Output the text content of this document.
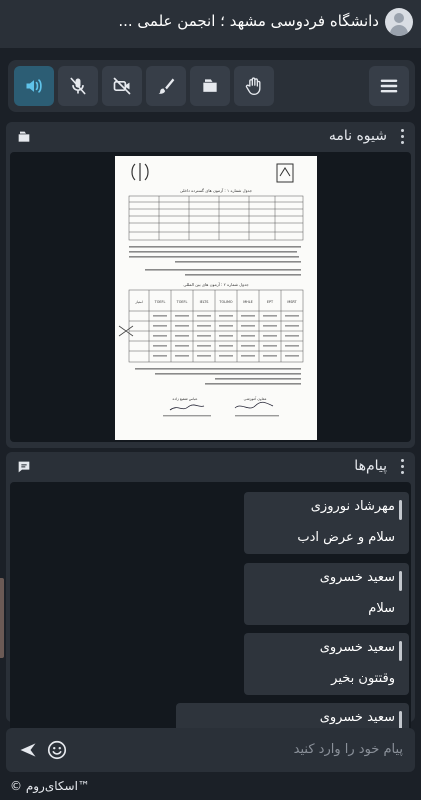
دانشگاه فردوسی مشهد ؛ انجمن علمی ...
شیوه نامه
جدول شماره ۱ : آزمون های گسترده داخلی
جدول شماره ۲ : آزمون های بین المللی
MSRT
EPT
MHLE
TOLIMO
IELTS
TOEFL
TOEFL
امتیاز
معاون آموزشی
عباس شفیع زاده
پیام‌ها
مهرشاد نوروزی
سلام و عرض ادب
سعید خسروی
سلام
سعید خسروی
وقتتون بخیر
سعید خسروی
پیام خود را وارد کنید
© اسکای‌روم™
